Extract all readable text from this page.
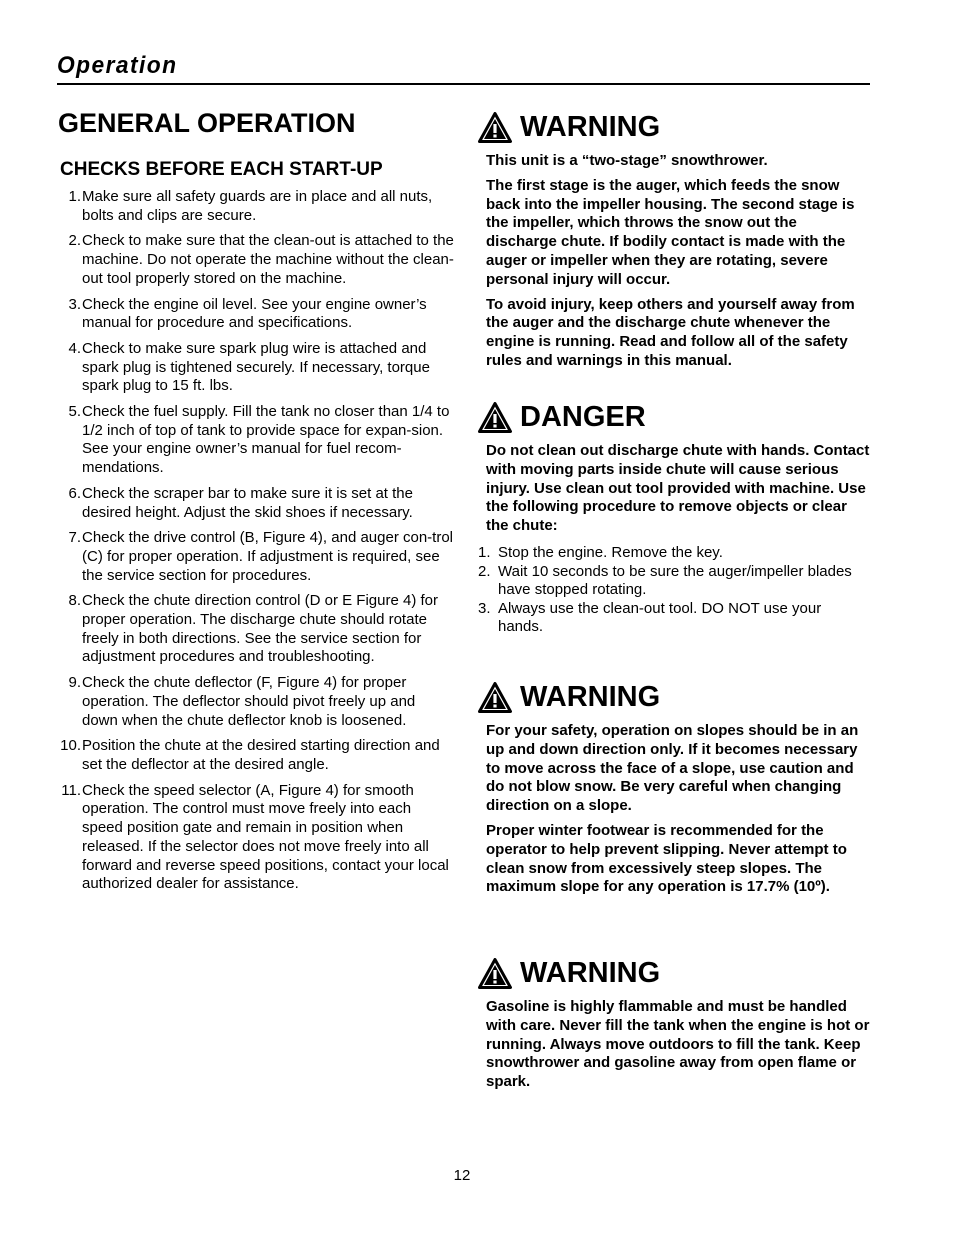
Operation
GENERAL OPERATION
CHECKS BEFORE EACH START-UP
1. Make sure all safety guards are in place and all nuts, bolts and clips are secure.
2. Check to make sure that the clean-out is attached to the machine. Do not operate the machine without the clean-out tool properly stored on the machine.
3. Check the engine oil level. See your engine owner’s manual for procedure and specifications.
4. Check to make sure spark plug wire is attached and spark plug is tightened securely. If necessary, torque spark plug to 15 ft. lbs.
5. Check the fuel supply. Fill the tank no closer than 1/4 to 1/2 inch of top of tank to provide space for expan-sion. See your engine owner’s manual for fuel recom-mendations.
6. Check the scraper bar to make sure it is set at the desired height. Adjust the skid shoes if necessary.
7. Check the drive control (B, Figure 4), and auger con-trol (C) for proper operation. If adjustment is required, see the service section for procedures.
8. Check the chute direction control (D or E Figure 4) for proper operation. The discharge chute should rotate freely in both directions. See the service section for adjustment procedures and troubleshooting.
9. Check the chute deflector (F, Figure 4) for proper operation. The deflector should pivot freely up and down when the chute deflector knob is loosened.
10. Position the chute at the desired starting direction and set the deflector at the desired angle.
11. Check the speed selector (A, Figure 4) for smooth operation. The control must move freely into each speed position gate and remain in position when released. If the selector does not move freely into all forward and reverse speed positions, contact your local authorized dealer for assistance.
WARNING

This unit is a “two-stage” snowthrower.

The first stage is the auger, which feeds the snow back into the impeller housing. The second stage is the impeller, which throws the snow out the discharge chute. If bodily contact is made with the auger or impeller when they are rotating, severe personal injury will occur.

To avoid injury, keep others and yourself away from the auger and the discharge chute whenever the engine is running. Read and follow all of the safety rules and warnings in this manual.

DANGER

Do not clean out discharge chute with hands. Contact with moving parts inside chute will cause serious injury. Use clean out tool provided with machine. Use the following procedure to remove objects or clear the chute:

1. Stop the engine. Remove the key.
2. Wait 10 seconds to be sure the auger/impeller blades have stopped rotating.
3. Always use the clean-out tool. DO NOT use your hands.
WARNING

For your safety, operation on slopes should be in an up and down direction only. If it becomes necessary to move across the face of a slope, use caution and do not blow snow. Be very careful when changing direction on a slope.

Proper winter footwear is recommended for the operator to help prevent slipping. Never attempt to clean snow from excessively steep slopes. The maximum slope for any operation is 17.7% (10º).

WARNING

Gasoline is highly flammable and must be handled with care. Never fill the tank when the engine is hot or running. Always move outdoors to fill the tank. Keep snowthrower and gasoline away from open flame or spark.

12
